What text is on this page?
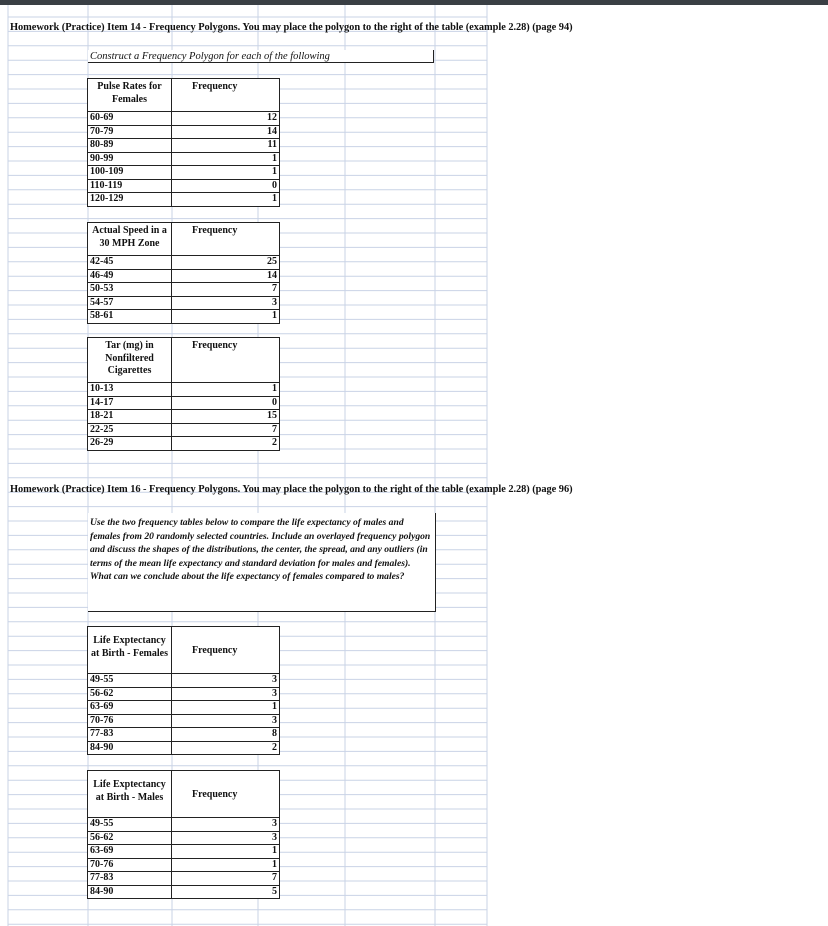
Homework (Practice) Item 14 - Frequency Polygons. You may place the polygon to the right of the table (example 2.28) (page 94)
Construct a Frequency Polygon for each of the following
Pulse Rates for Females	Frequency
60-69	12
70-79	14
80-89	11
90-99	1
100-109	1
110-119	0
120-129	1
Actual Speed in a 30 MPH Zone	Frequency
42-45	25
46-49	14
50-53	7
54-57	3
58-61	1
Tar (mg) in Nonfiltered Cigarettes	Frequency
10-13	1
14-17	0
18-21	15
22-25	7
26-29	2
Homework (Practice) Item 16 - Frequency Polygons. You may place the polygon to the right of the table (example 2.28) (page 96)
Use the two frequency tables below to compare the life expectancy of males and females from 20 randomly selected countries. Include an overlayed frequency polygon and discuss the shapes of the distributions, the center, the spread, and any outliers (in terms of the mean life expectancy and standard deviation for males and females). What can we conclude about the life expectancy of females compared to males?
Life Exptectancy at Birth - Females	Frequency
49-55	3
56-62	3
63-69	1
70-76	3
77-83	8
84-90	2
Life Exptectancy at Birth - Males	Frequency
49-55	3
56-62	3
63-69	1
70-76	1
77-83	7
84-90	5
